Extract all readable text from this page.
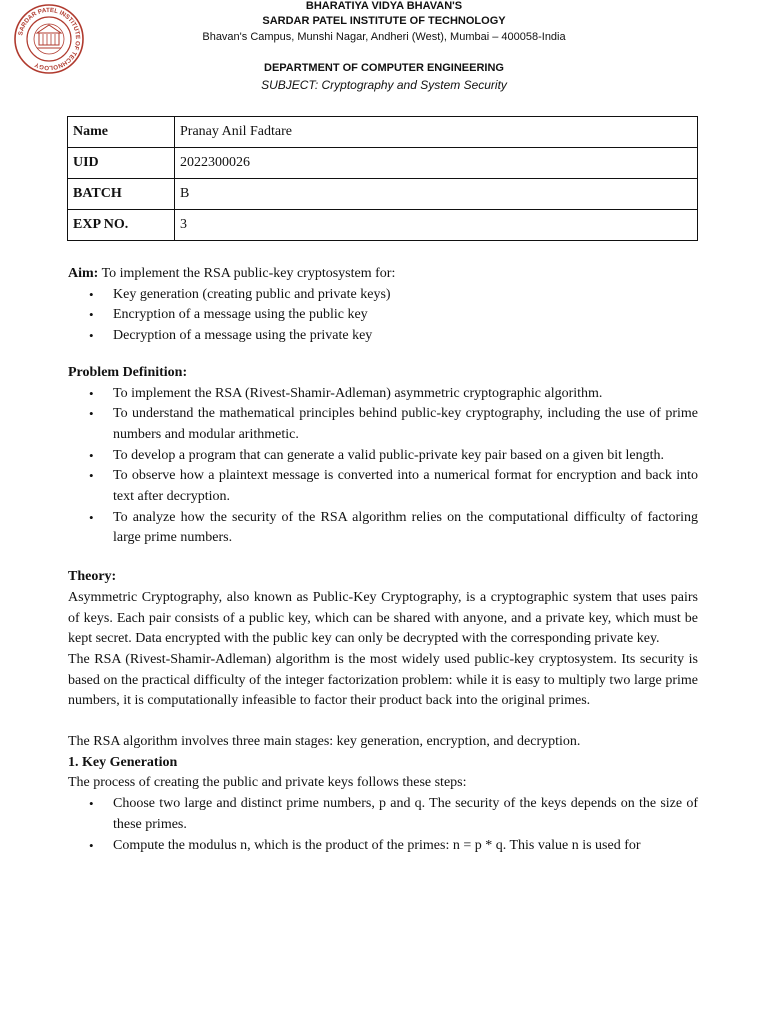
SARDAR PATEL INSTITUTE OF TECHNOLOGY
BHARATIYA VIDYA BHAVAN'S
SARDAR PATEL INSTITUTE OF TECHNOLOGY
Bhavan's Campus, Munshi Nagar, Andheri (West), Mumbai – 400058-India
DEPARTMENT OF COMPUTER ENGINEERING
SUBJECT: Cryptography and System Security
Name	Pranay Anil Fadtare
UID	2022300026
BATCH	B
EXP NO.	3

Aim: To implement the RSA public-key cryptosystem for:

• Key generation (creating public and private keys)
• Encryption of a message using the public key
• Decryption of a message using the private key

Problem Definition:

• To implement the RSA (Rivest-Shamir-Adleman) asymmetric cryptographic algorithm.
• To understand the mathematical principles behind public-key cryptography, including the use of prime numbers and modular arithmetic.
• To develop a program that can generate a valid public-private key pair based on a given bit length.
• To observe how a plaintext message is converted into a numerical format for encryption and back into text after decryption.
• To analyze how the security of the RSA algorithm relies on the computational difficulty of factoring large prime numbers.

Theory:

Asymmetric Cryptography, also known as Public-Key Cryptography, is a cryptographic system that uses pairs of keys. Each pair consists of a public key, which can be shared with anyone, and a private key, which must be kept secret. Data encrypted with the public key can only be decrypted with the corresponding private key.

The RSA (Rivest-Shamir-Adleman) algorithm is the most widely used public-key cryptosystem. Its security is based on the practical difficulty of the integer factorization problem: while it is easy to multiply two large prime numbers, it is computationally infeasible to factor their product back into the original primes.

The RSA algorithm involves three main stages: key generation, encryption, and decryption.

1. Key Generation

The process of creating the public and private keys follows these steps:

• Choose two large and distinct prime numbers, p and q. The security of the keys depends on the size of these primes.
• Compute the modulus n, which is the product of the primes: n = p * q. This value n is used for
